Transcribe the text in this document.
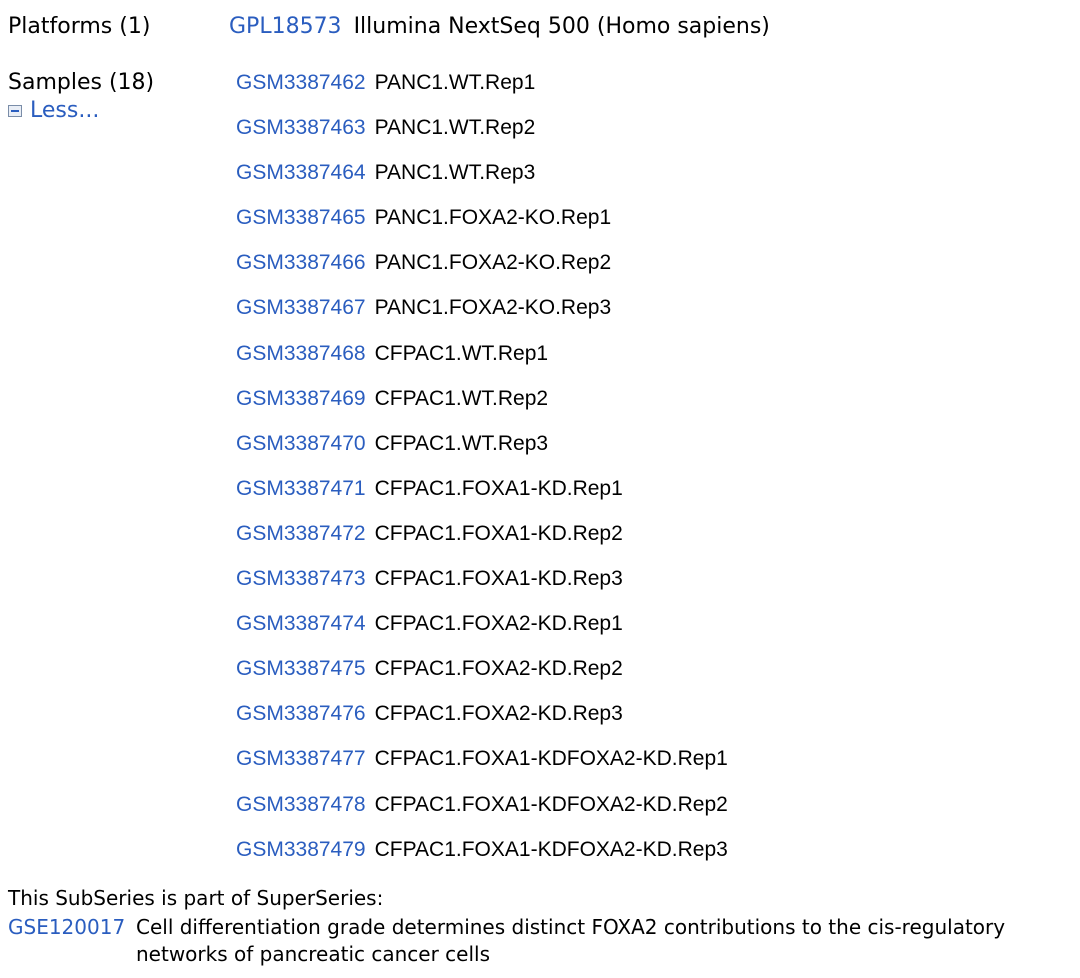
Platforms (1)	GPL18573 Illumina NextSeq 500 (Homo sapiens)
Samples (18)
Less...
GSM3387462 PANC1.WT.Rep1
GSM3387463 PANC1.WT.Rep2
GSM3387464 PANC1.WT.Rep3
GSM3387465 PANC1.FOXA2-KO.Rep1
GSM3387466 PANC1.FOXA2-KO.Rep2
GSM3387467 PANC1.FOXA2-KO.Rep3
GSM3387468 CFPAC1.WT.Rep1
GSM3387469 CFPAC1.WT.Rep2
GSM3387470 CFPAC1.WT.Rep3
GSM3387471 CFPAC1.FOXA1-KD.Rep1
GSM3387472 CFPAC1.FOXA1-KD.Rep2
GSM3387473 CFPAC1.FOXA1-KD.Rep3
GSM3387474 CFPAC1.FOXA2-KD.Rep1
GSM3387475 CFPAC1.FOXA2-KD.Rep2
GSM3387476 CFPAC1.FOXA2-KD.Rep3
GSM3387477 CFPAC1.FOXA1-KDFOXA2-KD.Rep1
GSM3387478 CFPAC1.FOXA1-KDFOXA2-KD.Rep2
GSM3387479 CFPAC1.FOXA1-KDFOXA2-KD.Rep3
This SubSeries is part of SuperSeries:
GSE120017 Cell differentiation grade determines distinct FOXA2 contributions to the cis-regulatory networks of pancreatic cancer cells
